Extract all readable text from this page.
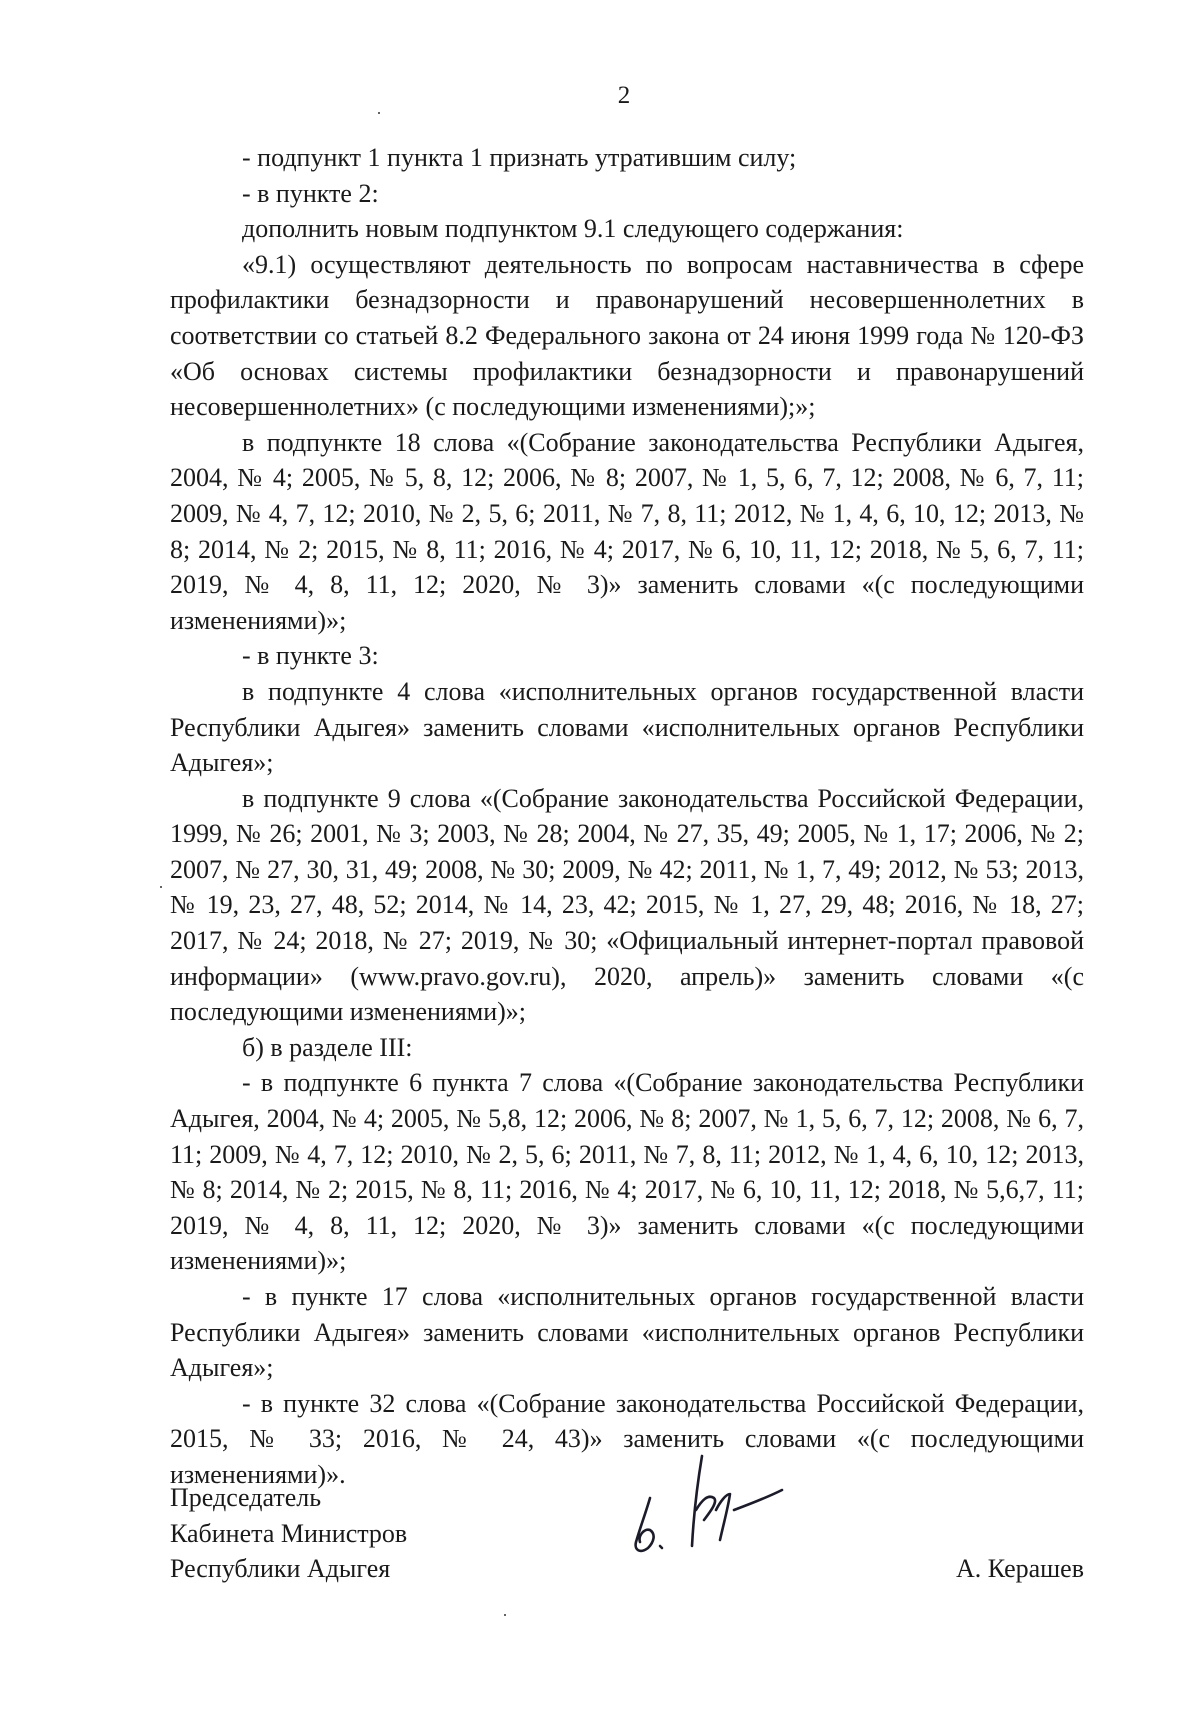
2

- подпункт 1 пункта 1 признать утратившим силу;

- в пункте 2:

дополнить новым подпунктом 9.1 следующего содержания:

«9.1) осуществляют деятельность по вопросам наставничества в сфере профилактики безнадзорности и правонарушений несовершеннолетних в соответствии со статьей 8.2 Федерального закона от 24 июня 1999 года № 120-ФЗ «Об основах системы профилактики безнадзорности и правонарушений несовершеннолетних» (с последующими изменениями);»;

в подпункте 18 слова «(Собрание законодательства Республики Адыгея, 2004, № 4; 2005, № 5, 8, 12; 2006, № 8; 2007, № 1, 5, 6, 7, 12; 2008, № 6, 7, 11; 2009, № 4, 7, 12; 2010, № 2, 5, 6; 2011, № 7, 8, 11; 2012, № 1, 4, 6, 10, 12; 2013, № 8; 2014, № 2; 2015, № 8, 11; 2016, № 4; 2017, № 6, 10, 11, 12; 2018, № 5, 6, 7, 11; 2019, № 4, 8, 11, 12; 2020, № 3)» заменить словами «(с последующими изменениями)»;

- в пункте 3:

в подпункте 4 слова «исполнительных органов государственной власти Республики Адыгея» заменить словами «исполнительных органов Республики Адыгея»;

в подпункте 9 слова «(Собрание законодательства Российской Федерации, 1999, № 26; 2001, № 3; 2003, № 28; 2004, № 27, 35, 49; 2005, № 1, 17; 2006, № 2; 2007, № 27, 30, 31, 49; 2008, № 30; 2009, № 42; 2011, № 1, 7, 49; 2012, № 53; 2013, № 19, 23, 27, 48, 52; 2014, № 14, 23, 42; 2015, № 1, 27, 29, 48; 2016, № 18, 27; 2017, № 24; 2018, № 27; 2019, № 30; «Официальный интернет-портал правовой информации» (www.pravo.gov.ru), 2020, апрель)» заменить словами «(с последующими изменениями)»;

б) в разделе III:

- в подпункте 6 пункта 7 слова «(Собрание законодательства Республики Адыгея, 2004, № 4; 2005, № 5,8, 12; 2006, № 8; 2007, № 1, 5, 6, 7, 12; 2008, № 6, 7, 11; 2009, № 4, 7, 12; 2010, № 2, 5, 6; 2011, № 7, 8, 11; 2012, № 1, 4, 6, 10, 12; 2013, № 8; 2014, № 2; 2015, № 8, 11; 2016, № 4; 2017, № 6, 10, 11, 12; 2018, № 5,6,7, 11; 2019, № 4, 8, 11, 12; 2020, № 3)» заменить словами «(с последующими изменениями)»;

- в пункте 17 слова «исполнительных органов государственной власти Республики Адыгея» заменить словами «исполнительных органов Республики Адыгея»;

- в пункте 32 слова «(Собрание законодательства Российской Федерации, 2015, № 33; 2016, № 24, 43)» заменить словами «(с последующими изменениями)».

Председатель
Кабинета Министров
Республики Адыгея	А. Керашев
